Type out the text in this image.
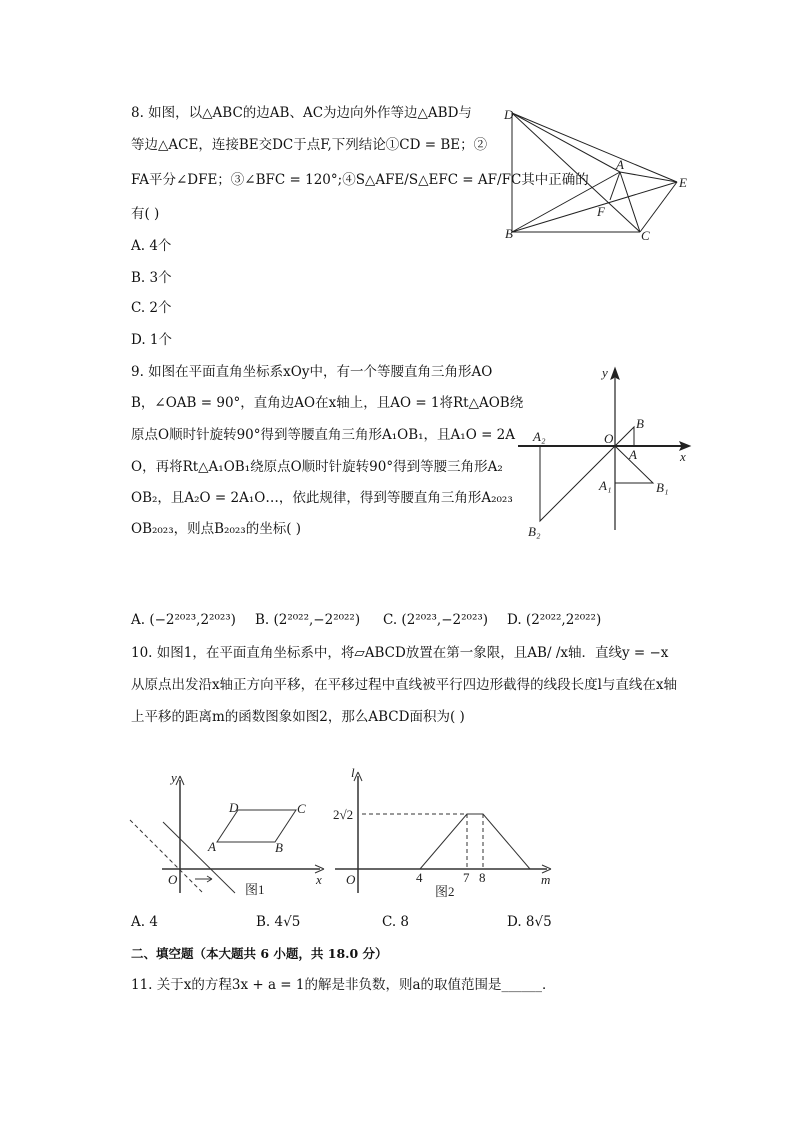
8. 如图，以△ABC的边AB、AC为边向外作等边△ABD与
等边△ACE，连接BE交DC于点F,下列结论①CD = BE；②
FA平分∠DFE；③∠BFC = 120°;④S△AFE/S△EFC = AF/FC其中正确的
有( )
A. 4个
B. 3个
C. 2个
D. 1个
9. 如图在平面直角坐标系xOy中，有一个等腰直角三角形AO
B，∠OAB = 90°，直角边AO在x轴上，且AO = 1将Rt△AOB绕
原点O顺时针旋转90°得到等腰直角三角形A₁OB₁，且A₁O = 2A
O，再将Rt△A₁OB₁绕原点O顺时针旋转90°得到等腰三角形A₂
OB₂，且A₂O = 2A₁O…，依此规律，得到等腰直角三角形A₂₀₂₃
OB₂₀₂₃，则点B₂₀₂₃的坐标( )
A. (−2²⁰²³,2²⁰²³) B. (2²⁰²²,−2²⁰²²) C. (2²⁰²³,−2²⁰²³) D. (2²⁰²²,2²⁰²²)
10. 如图1，在平面直角坐标系中，将▱ABCD放置在第一象限，且AB/ /x轴．直线y = −x
从原点出发沿x轴正方向平移，在平移过程中直线被平行四边形截得的线段长度l与直线在x轴
上平移的距离m的函数图象如图2，那么ABCD面积为( )
A. 4	B. 4√5	C. 8	D. 8√5
二、填空题（本大题共 6 小题，共 18.0 分）
11. 关于x的方程3x + a = 1的解是非负数，则a的取值范围是______．
D
A
E
F
B	C
y
x
O
A
B
A₁	B₁
A₂
B₂
y
D	C
A	B
O	x
图1
l
2√2
O	4	7 8	m
图2
